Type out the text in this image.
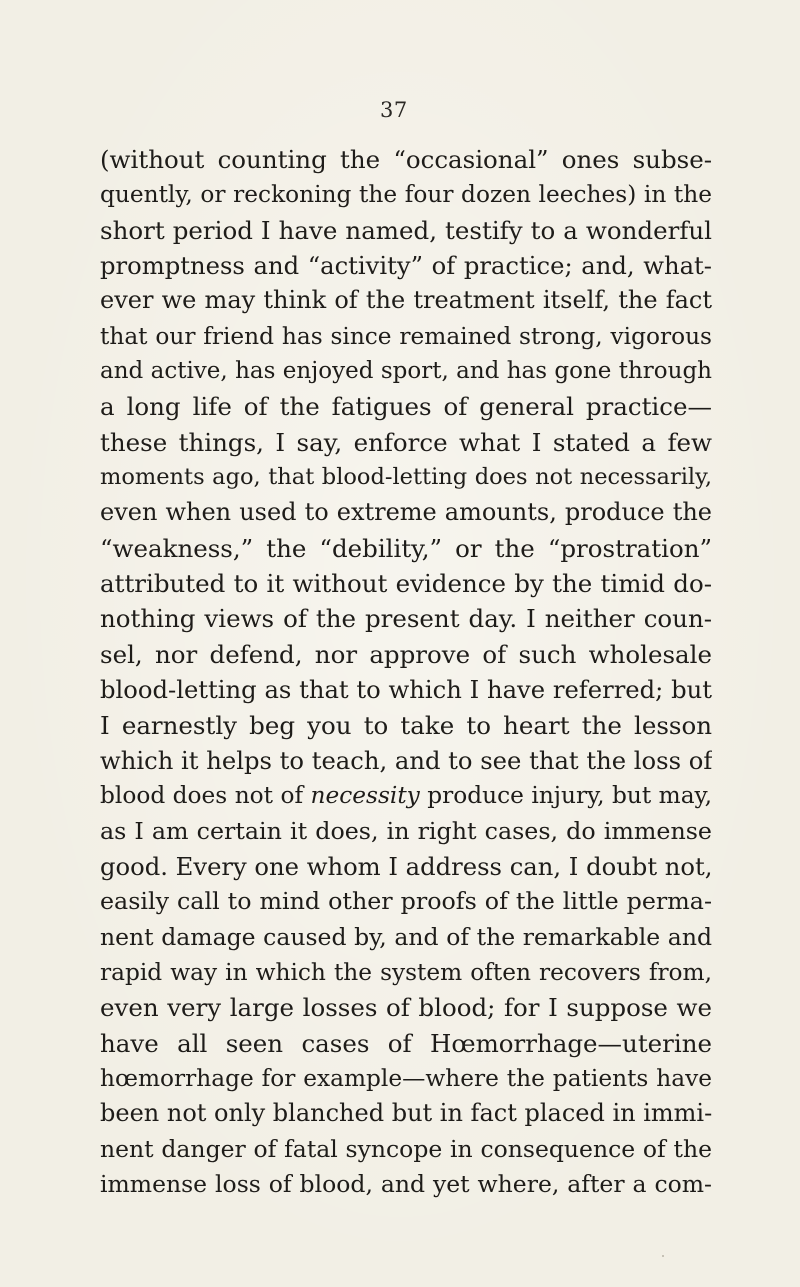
37
(without counting the “occasional” ones subse-
quently, or reckoning the four dozen leeches) in the
short period I have named, testify to a wonderful
promptness and “activity” of practice; and, what-
ever we may think of the treatment itself, the fact
that our friend has since remained strong, vigorous
and active, has enjoyed sport, and has gone through
a long life of the fatigues of general practice—
these things, I say, enforce what I stated a few
moments ago, that blood-letting does not necessarily,
even when used to extreme amounts, produce the
“weakness,” the “debility,” or the “prostration”
attributed to it without evidence by the timid do-
nothing views of the present day. I neither coun-
sel, nor defend, nor approve of such wholesale
blood-letting as that to which I have referred; but
I earnestly beg you to take to heart the lesson
which it helps to teach, and to see that the loss of
blood does not of necessity produce injury, but may,
as I am certain it does, in right cases, do immense
good. Every one whom I address can, I doubt not,
easily call to mind other proofs of the little perma-
nent damage caused by, and of the remarkable and
rapid way in which the system often recovers from,
even very large losses of blood; for I suppose we
have all seen cases of Hœmorrhage—uterine
hœmorrhage for example—where the patients have
been not only blanched but in fact placed in immi-
nent danger of fatal syncope in consequence of the
immense loss of blood, and yet where, after a com-
